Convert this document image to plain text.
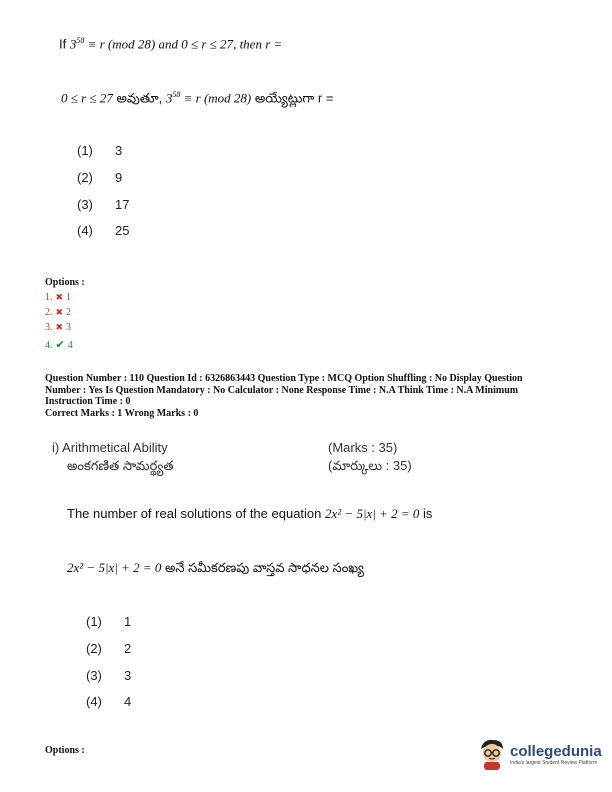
If $3^{58} \equiv r$ (mod 28) and 0 ≤ r ≤ 27, then r =
0 ≤ r ≤ 27 అవుతూ, $3^{58} \equiv r$ (mod 28) అయ్యేట్లుగా r =
(1) 3
(2) 9
(3) 17
(4) 25
Options :
1. ✖ 1
2. ✖ 2
3. ✖ 3
4. ✔ 4
Question Number : 110 Question Id : 6326863443 Question Type : MCQ Option Shuffling : No Display Question Number : Yes Is Question Mandatory : No Calculator : None Response Time : N.A Think Time : N.A Minimum Instruction Time : 0
Correct Marks : 1 Wrong Marks : 0
i) Arithmetical Ability
అంకగణిత సామర్థ్యత
(Marks : 35)
(మార్కులు : 35)
The number of real solutions of the equation 2x² − 5|x| + 2 = 0 is
2x² − 5|x| + 2 = 0 అనే సమీకరణపు వాస్తవ సాధనల సంఖ్య
(1) 1
(2) 2
(3) 3
(4) 4
Options :	collegedunia
India's largest Student Review Platform
